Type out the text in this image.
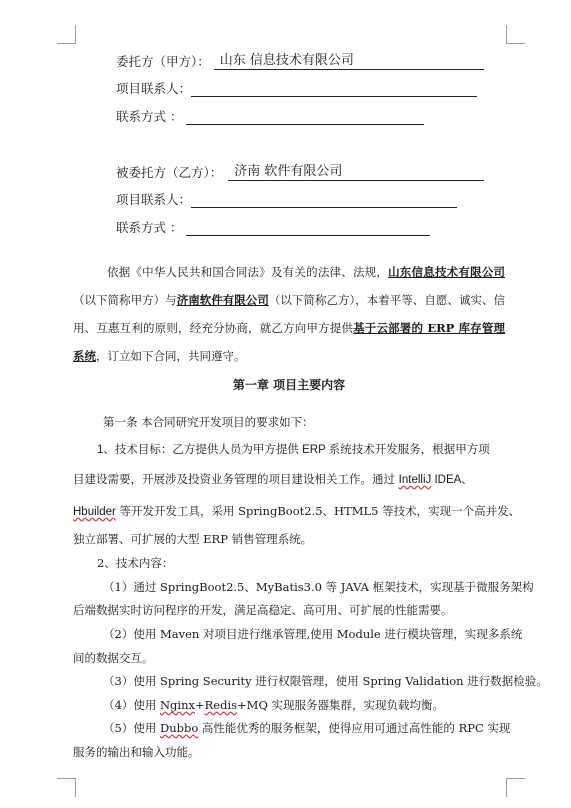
委托方（甲方）： 山东 信息技术有限公司
项目联系人：
联系方式 ：
被委托方（乙方）： 济南 软件有限公司
项目联系人：
联系方式 ：

依据《中华人民共和国合同法》及有关的法律、法规，山东信息技术有限公司（以下简称甲方）与济南软件有限公司（以下简称乙方），本着平等、自愿、诚实、信用、互惠互利的原则，经充分协商，就乙方向甲方提供基于云部署的 ERP 库存管理系统，订立如下合同，共同遵守。

第一章 项目主要内容
第一条 本合同研究开发项目的要求如下：
1、技术目标：乙方提供人员为甲方提供 ERP 系统技术开发服务，根据甲方项
目建设需要，开展涉及投资业务管理的项目建设相关工作。通过 IntelliJ IDEA、
Hbuilder 等开发开发工具，采用 SpringBoot2.5、HTML5 等技术，实现一个高并发、
独立部署、可扩展的大型 ERP 销售管理系统。
2、技术内容：
（1）通过 SpringBoot2.5、MyBatis3.0 等 JAVA 框架技术，实现基于微服务架构
后端数据实时访问程序的开发，满足高稳定、高可用、可扩展的性能需要。
（2）使用 Maven 对项目进行继承管理,使用 Module 进行模块管理，实现多系统
间的数据交互。
（3）使用 Spring Security 进行权限管理，使用 Spring Validation 进行数据检验。
（4）使用 Nginx+Redis+MQ 实现服务器集群，实现负载均衡。
（5）使用 Dubbo 高性能优秀的服务框架，使得应用可通过高性能的 RPC 实现
服务的输出和输入功能。
